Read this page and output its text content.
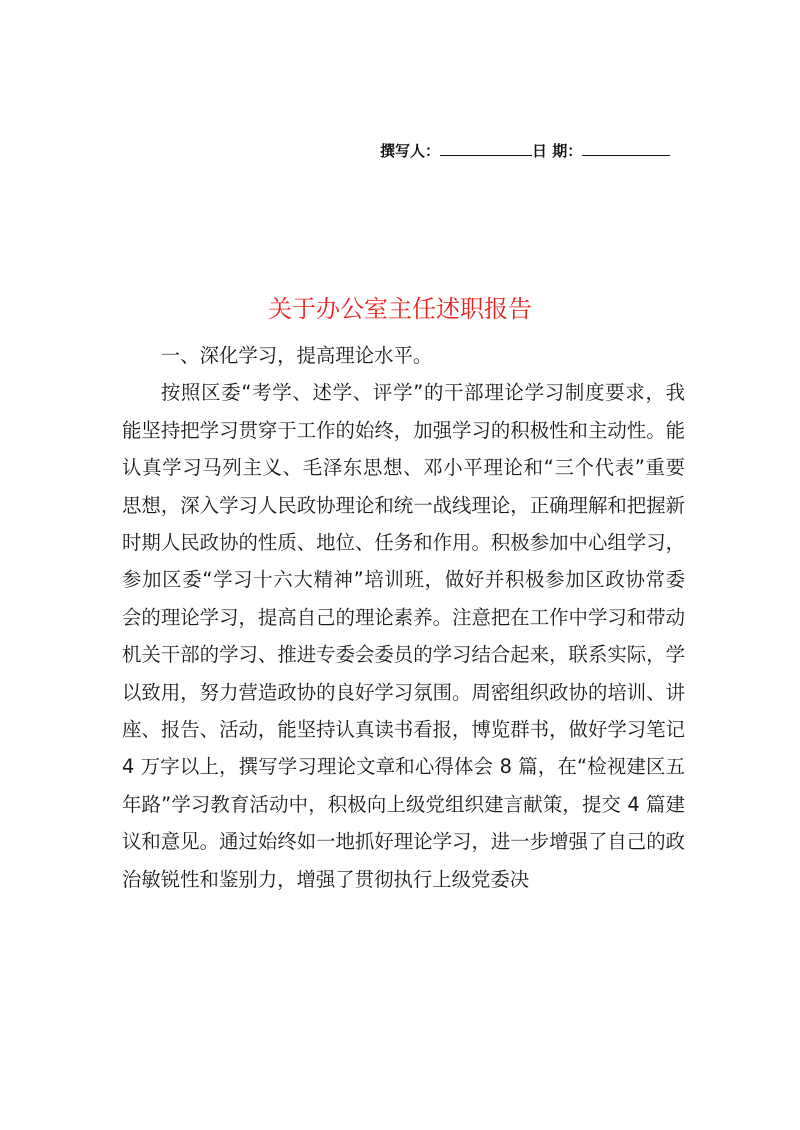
撰写人：	日 期：
关于办公室主任述职报告

一、深化学习，提高理论水平。

按照区委“考学、述学、评学”的干部理论学习制度要求，我能坚持把学习贯穿于工作的始终，加强学习的积极性和主动性。能认真学习马列主义、毛泽东思想、邓小平理论和“三个代表”重要思想，深入学习人民政协理论和统一战线理论，正确理解和把握新时期人民政协的性质、地位、任务和作用。积极参加中心组学习，参加区委“学习十六大精神”培训班，做好并积极参加区政协常委会的理论学习，提高自己的理论素养。注意把在工作中学习和带动机关干部的学习、推进专委会委员的学习结合起来，联系实际，学以致用，努力营造政协的良好学习氛围。周密组织政协的培训、讲座、报告、活动，能坚持认真读书看报，博览群书，做好学习笔记 4 万字以上，撰写学习理论文章和心得体会 8 篇，在“检视建区五年路”学习教育活动中，积极向上级党组织建言献策，提交 4 篇建议和意见。通过始终如一地抓好理论学习，进一步增强了自己的政治敏锐性和鉴别力，增强了贯彻执行上级党委决
